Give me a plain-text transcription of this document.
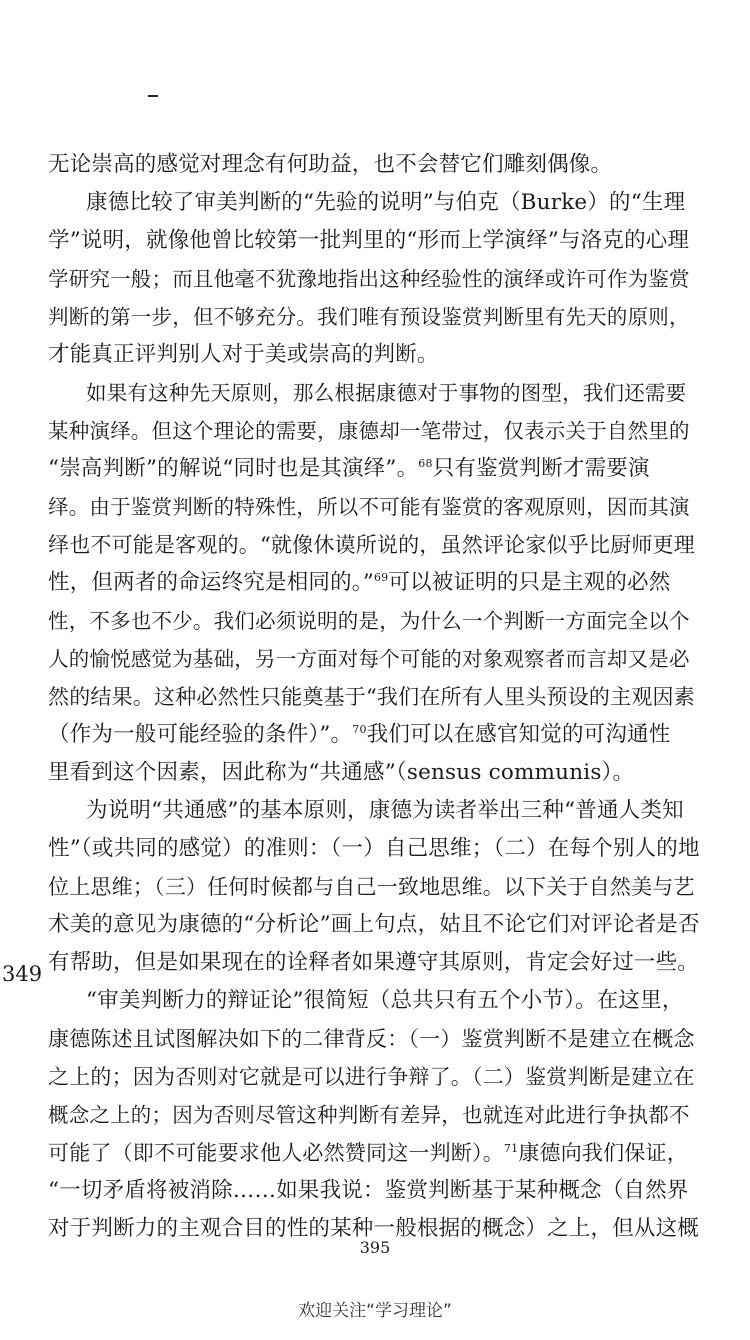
无论崇高的感觉对理念有何助益，也不会替它们雕刻偶像。
康德比较了审美判断的“先验的说明”与伯克（Burke）的“生理
学”说明，就像他曾比较第一批判里的“形而上学演绎”与洛克的心理
学研究一般；而且他毫不犹豫地指出这种经验性的演绎或许可作为鉴赏
判断的第一步，但不够充分。我们唯有预设鉴赏判断里有先天的原则，
才能真正评判别人对于美或崇高的判断。
如果有这种先天原则，那么根据康德对于事物的图型，我们还需要
某种演绎。但这个理论的需要，康德却一笔带过，仅表示关于自然里的
“崇高判断”的解说“同时也是其演绎”。$^{68}$只有鉴赏判断才需要演
绎。由于鉴赏判断的特殊性，所以不可能有鉴赏的客观原则，因而其演
绎也不可能是客观的。“就像休谟所说的，虽然评论家似乎比厨师更理
性，但两者的命运终究是相同的。”$^{69}$可以被证明的只是主观的必然
性，不多也不少。我们必须说明的是，为什么一个判断一方面完全以个
人的愉悦感觉为基础，另一方面对每个可能的对象观察者而言却又是必
然的结果。这种必然性只能奠基于“我们在所有人里头预设的主观因素
（作为一般可能经验的条件）”。$^{70}$我们可以在感官知觉的可沟通性
里看到这个因素，因此称为“共通感”（sensus communis）。
为说明“共通感”的基本原则，康德为读者举出三种“普通人类知
性”（或共同的感觉）的准则：（一）自己思维；（二）在每个别人的地
位上思维；（三）任何时候都与自己一致地思维。以下关于自然美与艺
术美的意见为康德的“分析论”画上句点，姑且不论它们对评论者是否
有帮助，但是如果现在的诠释者如果遵守其原则，肯定会好过一些。
“审美判断力的辩证论”很简短（总共只有五个小节）。在这里，
康德陈述且试图解决如下的二律背反：（一）鉴赏判断不是建立在概念
之上的；因为否则对它就是可以进行争辩了。（二）鉴赏判断是建立在
概念之上的；因为否则尽管这种判断有差异，也就连对此进行争执都不
可能了（即不可能要求他人必然赞同这一判断）。$^{71}$康德向我们保证，
“一切矛盾将被消除……如果我说：鉴赏判断基于某种概念（自然界
对于判断力的主观合目的性的某种一般根据的概念）之上，但从这概
349
395
欢迎关注“学习理论”
